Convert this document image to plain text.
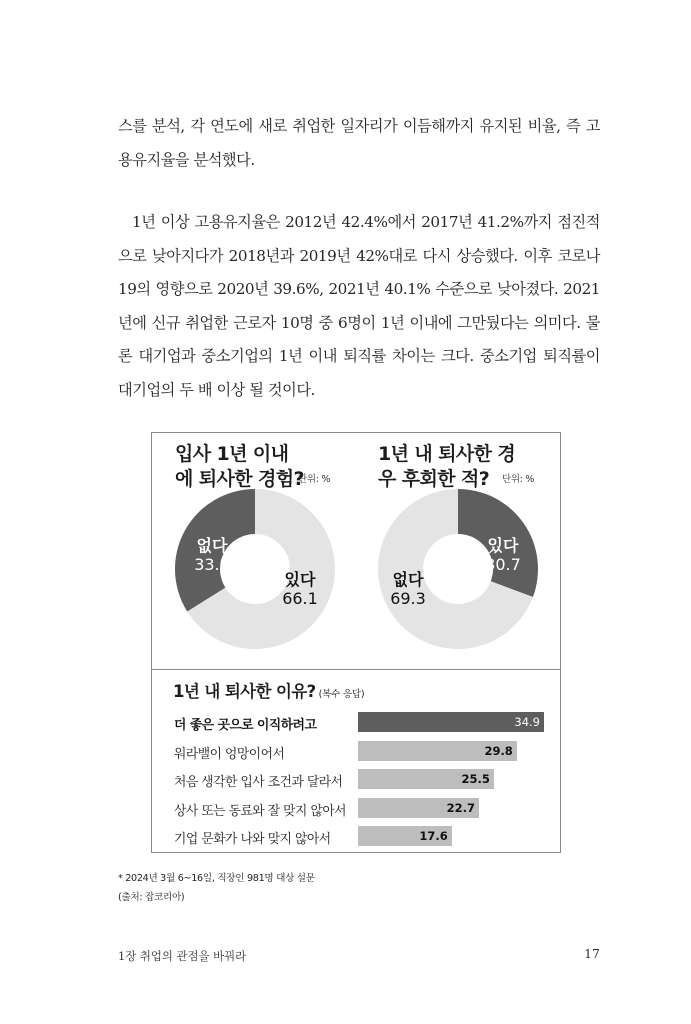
스를 분석, 각 연도에 새로 취업한 일자리가 이듬해까지 유지된 비율, 즉 고용유지율을 분석했다.

1년 이상 고용유지율은 2012년 42.4%에서 2017년 41.2%까지 점진적으로 낮아지다가 2018년과 2019년 42%대로 다시 상승했다. 이후 코로나19의 영향으로 2020년 39.6%, 2021년 40.1% 수준으로 낮아졌다. 2021년에 신규 취업한 근로자 10명 중 6명이 1년 이내에 그만뒀다는 의미다. 물론 대기업과 중소기업의 1년 이내 퇴직률 차이는 크다. 중소기업 퇴직률이 대기업의 두 배 이상 될 것이다.

입사 1년 이내에 퇴사한 경험?
단위: %
1년 내 퇴사한 경우 후회한 적?	단위: %
있다
66.1
없다
33.9
있다
30.7
없다
69.3
1년 내 퇴사한 이유? (복수 응답)
더 좋은 곳으로 이직하려고	34.9
워라밸이 엉망이어서	29.8
처음 생각한 입사 조건과 달라서	25.5
상사 또는 동료와 잘 맞지 않아서	22.7
기업 문화가 나와 맞지 않아서	17.6

* 2024년 3월 6~16일, 직장인 981명 대상 설문

(출처: 잡코리아)

1장 취업의 관점을 바꿔라	17
